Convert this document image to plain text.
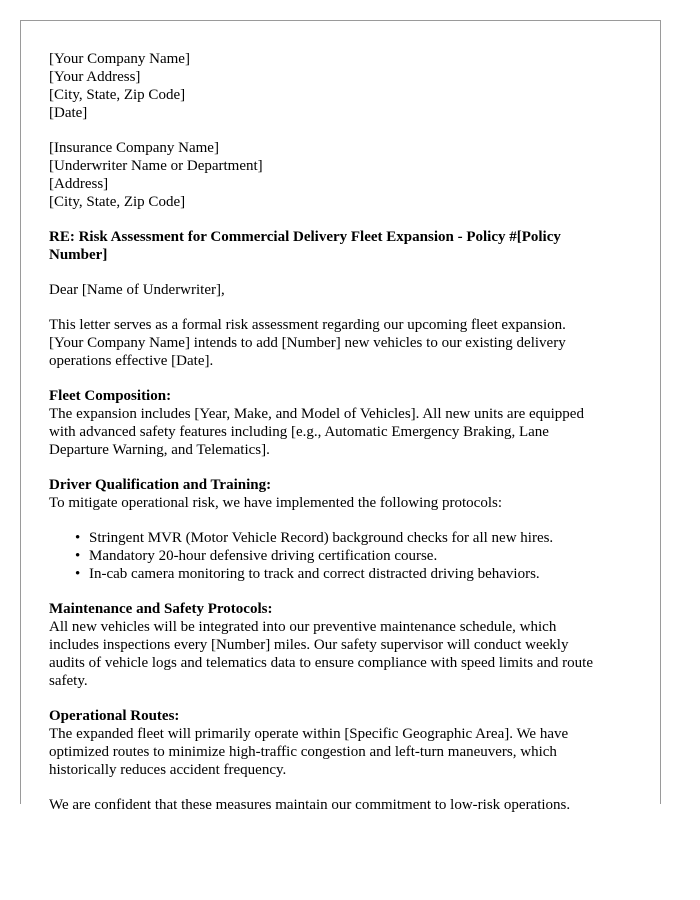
[Your Company Name]
[Your Address]
[City, State, Zip Code]
[Date]
[Insurance Company Name]
[Underwriter Name or Department]
[Address]
[City, State, Zip Code]
RE: Risk Assessment for Commercial Delivery Fleet Expansion - Policy #[Policy
Number]
Dear [Name of Underwriter],
This letter serves as a formal risk assessment regarding our upcoming fleet expansion.
[Your Company Name] intends to add [Number] new vehicles to our existing delivery
operations effective [Date].
Fleet Composition:
The expansion includes [Year, Make, and Model of Vehicles]. All new units are equipped
with advanced safety features including [e.g., Automatic Emergency Braking, Lane
Departure Warning, and Telematics].
Driver Qualification and Training:
To mitigate operational risk, we have implemented the following protocols:
• Stringent MVR (Motor Vehicle Record) background checks for all new hires.
• Mandatory 20-hour defensive driving certification course.
• In-cab camera monitoring to track and correct distracted driving behaviors.
Maintenance and Safety Protocols:
All new vehicles will be integrated into our preventive maintenance schedule, which
includes inspections every [Number] miles. Our safety supervisor will conduct weekly
audits of vehicle logs and telematics data to ensure compliance with speed limits and route
safety.
Operational Routes:
The expanded fleet will primarily operate within [Specific Geographic Area]. We have
optimized routes to minimize high-traffic congestion and left-turn maneuvers, which
historically reduces accident frequency.
We are confident that these measures maintain our commitment to low-risk operations.
